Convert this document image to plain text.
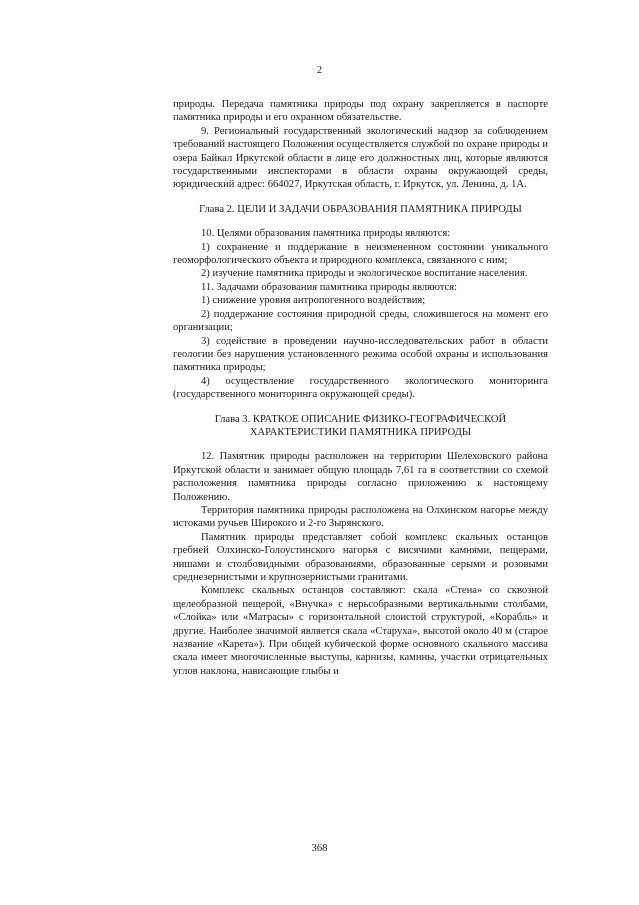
2

природы. Передача памятника природы под охрану закрепляется в паспорте памятника природы и его охранном обязательстве.

9. Региональный государственный экологический надзор за соблюдением требований настоящего Положения осуществляется службой по охране природы и озера Байкал Иркутской области в лице его должностных лиц, которые являются государственными инспекторами в области охраны окружающей среды, юридический адрес: 664027, Иркутская область, г. Иркутск, ул. Ленина, д. 1А.

Глава 2. ЦЕЛИ И ЗАДАЧИ ОБРАЗОВАНИЯ ПАМЯТНИКА ПРИРОДЫ

10. Целями образования памятника природы являются:

1) сохранение и поддержание в неизмененном состоянии уникального геоморфологического объекта и природного комплекса, связанного с ним;

2) изучение памятника природы и экологическое воспитание населения.

11. Задачами образования памятника природы являются:

1) снижение уровня антропогенного воздействия;

2) поддержание состояния природной среды, сложившегося на момент его организации;

3) содействие в проведении научно-исследовательских работ в области геологии без нарушения установленного режима особой охраны и использования памятника природы;

4) осуществление государственного экологического мониторинга (государственного мониторинга окружающей среды).

Глава 3. КРАТКОЕ ОПИСАНИЕ ФИЗИКО-ГЕОГРАФИЧЕСКОЙ

ХАРАКТЕРИСТИКИ ПАМЯТНИКА ПРИРОДЫ

12. Памятник природы расположен на территории Шелеховского района Иркутской области и занимает общую площадь 7,61 га в соответствии со схемой расположения памятника природы согласно приложению к настоящему Положению.

Территория памятника природы расположена на Олхинском нагорье между истоками ручьев Широкого и 2-го Зырянского.

Памятник природы представляет собой комплекс скальных останцов гребней Олхинско-Голоустинского нагорья с висячими камнями, пещерами, нишами и столбовидными образованиями, образованные серыми и розовыми среднезернистыми и крупнозернистыми гранитами.

Комплекс скальных останцов составляют: скала «Стена» со сквозной щелеобразной пещерой, «Внучка» с нерьсобразными вертикальными столбами, «Слойка» или «Матрасы» с горизонтальной слоистой структурой, «Корабль» и другие. Наиболее значимой является скала «Старуха», высотой около 40 м (старое название «Карета»). При общей кубической форме основного скального массива скала имеет многочисленные выступы, карнизы, камины, участки отрицательных углов наклона, нависающие глыбы и

368
